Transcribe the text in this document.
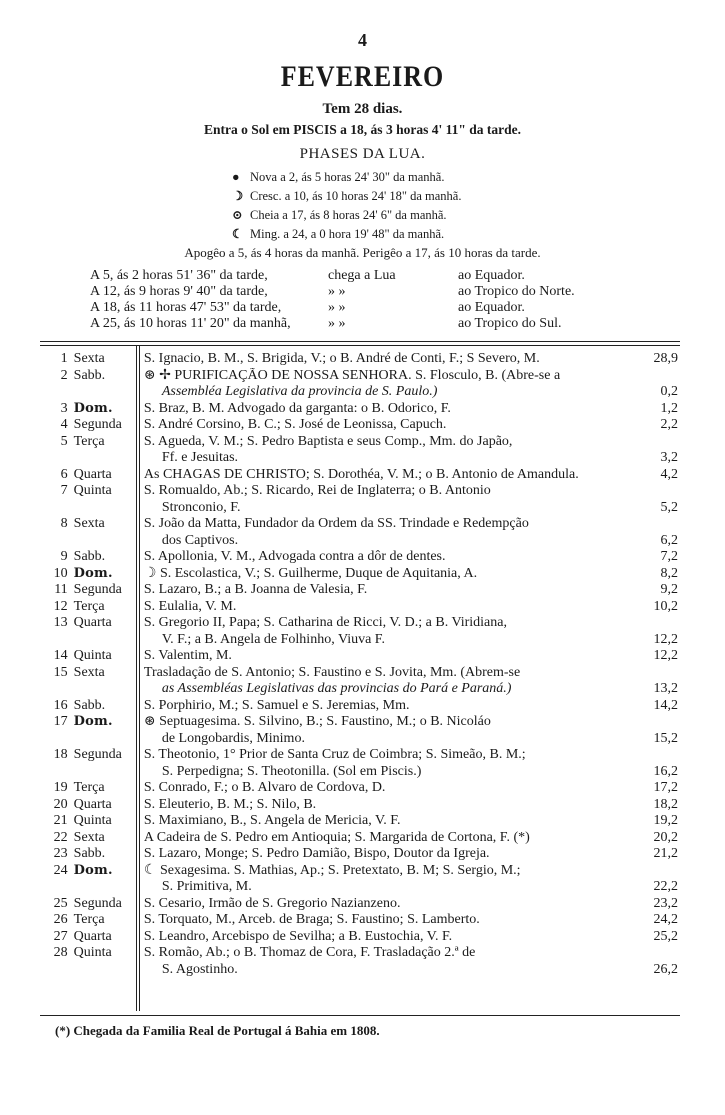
4
FEVEREIRO
Tem 28 dias.
Entra o Sol em PISCIS a 18, ás 3 horas 4' 11" da tarde.
PHASES DA LUA.
● Nova a 2, ás 5 horas 24' 30" da manhã.
☽ Cresc. a 10, ás 10 horas 24' 18" da manhã.
⊙ Cheia a 17, ás 8 horas 24' 6" da manhã.
☾ Ming. a 24, a 0 hora 19' 48" da manhã.
Apogêo a 5, ás 4 horas da manhã. Perigêo a 17, ás 10 horas da tarde.
A 5, ás 2 horas 51' 36" da tarde,	chega a Lua	ao Equador.
A 12, ás 9 horas 9' 40" da tarde,	» »	ao Tropico do Norte.
A 18, ás 11 horas 47' 53" da tarde,	» »	ao Equador.
A 25, ás 10 horas 11' 20" da manhã,	» »	ao Tropico do Sul.
1 Sexta	S. Ignacio, B. M., S. Brigida, V.; o B. André de Conti, F.; S Severo, M.	28,9
2 Sabb.	⊛ ✢ PURIFICAÇÃO DE NOSSA SENHORA. S. Flosculo, B. (Abre-se a
Assembléa Legislativa da provincia de S. Paulo.)	0,2
3 Dom.	S. Braz, B. M. Advogado da garganta: o B. Odorico, F.	1,2
4 Segunda	S. André Corsino, B. C.; S. José de Leonissa, Capuch.	2,2
5 Terça	S. Agueda, V. M.; S. Pedro Baptista e seus Comp., Mm. do Japão,
Ff. e Jesuitas.	3,2
6 Quarta	As CHAGAS DE CHRISTO; S. Dorothéa, V. M.; o B. Antonio de Amandula.	4,2
7 Quinta	S. Romualdo, Ab.; S. Ricardo, Rei de Inglaterra; o B. Antonio
Stronconio, F.	5,2
8 Sexta	S. João da Matta, Fundador da Ordem da SS. Trindade e Redempção
dos Captivos.	6,2
9 Sabb.	S. Apollonia, V. M., Advogada contra a dôr de dentes.	7,2
10 Dom.	☽ S. Escolastica, V.; S. Guilherme, Duque de Aquitania, A.	8,2
11 Segunda	S. Lazaro, B.; a B. Joanna de Valesia, F.	9,2
12 Terça	S. Eulalia, V. M.	10,2
13 Quarta	S. Gregorio II, Papa; S. Catharina de Ricci, V. D.; a B. Viridiana,
V. F.; a B. Angela de Folhinho, Viuva F.	12,2
14 Quinta	S. Valentim, M.	12,2
15 Sexta	Trasladação de S. Antonio; S. Faustino e S. Jovita, Mm. (Abrem-se
as Assembléas Legislativas das provincias do Pará e Paraná.)	13,2
16 Sabb.	S. Porphirio, M.; S. Samuel e S. Jeremias, Mm.	14,2
17 Dom.	⊛ Septuagesima. S. Silvino, B.; S. Faustino, M.; o B. Nicoláo
de Longobardis, Minimo.	15,2
18 Segunda	S. Theotonio, 1° Prior de Santa Cruz de Coimbra; S. Simeão, B. M.;
S. Perpedigna; S. Theotonilla. (Sol em Piscis.)	16,2
19 Terça	S. Conrado, F.; o B. Alvaro de Cordova, D.	17,2
20 Quarta	S. Eleuterio, B. M.; S. Nilo, B.	18,2
21 Quinta	S. Maximiano, B., S. Angela de Mericia, V. F.	19,2
22 Sexta	A Cadeira de S. Pedro em Antioquia; S. Margarida de Cortona, F. (*)	20,2
23 Sabb.	S. Lazaro, Monge; S. Pedro Damião, Bispo, Doutor da Igreja.	21,2
24 Dom.	☾ Sexagesima. S. Mathias, Ap.; S. Pretextato, B. M; S. Sergio, M.;
S. Primitiva, M.	22,2
25 Segunda	S. Cesario, Irmão de S. Gregorio Nazianzeno.	23,2
26 Terça	S. Torquato, M., Arceb. de Braga; S. Faustino; S. Lamberto.	24,2
27 Quarta	S. Leandro, Arcebispo de Sevilha; a B. Eustochia, V. F.	25,2
28 Quinta	S. Romão, Ab.; o B. Thomaz de Cora, F. Trasladação 2.ª de
S. Agostinho.	26,2
(*) Chegada da Familia Real de Portugal á Bahia em 1808.
